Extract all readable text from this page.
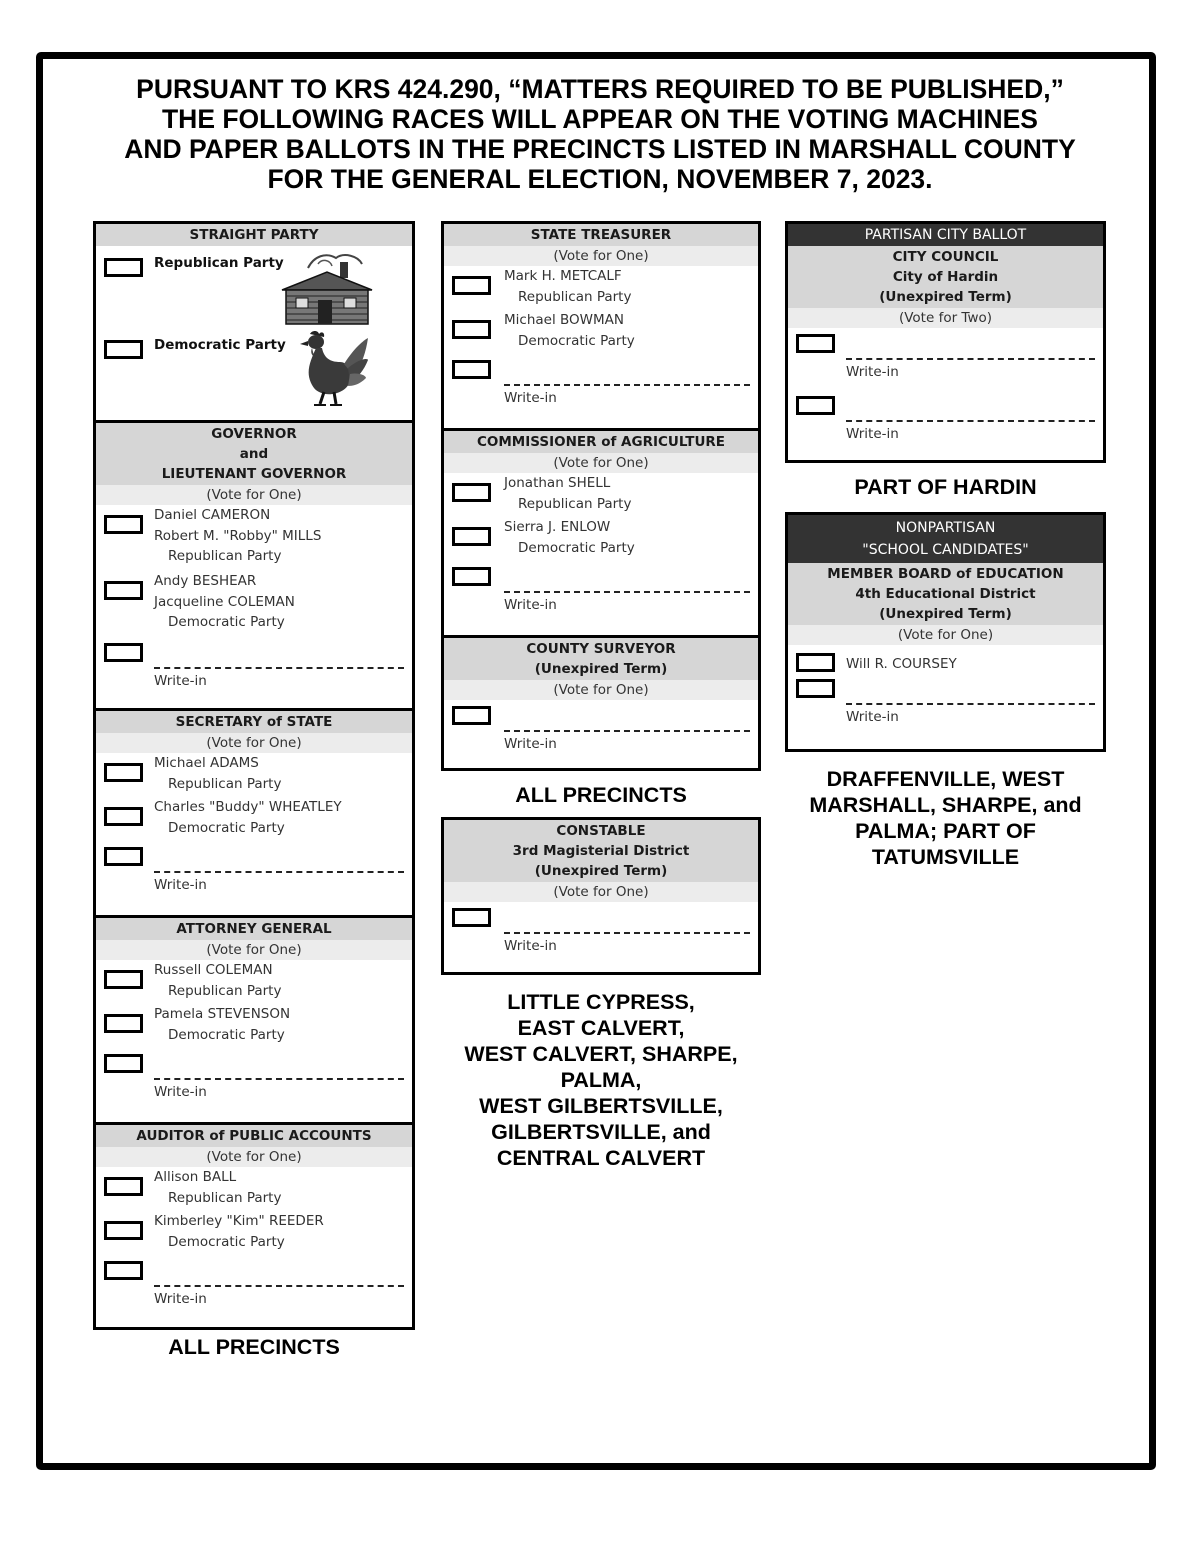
PURSUANT TO KRS 424.290, “MATTERS REQUIRED TO BE PUBLISHED,”
THE FOLLOWING RACES WILL APPEAR ON THE VOTING MACHINES
AND PAPER BALLOTS IN THE PRECINCTS LISTED IN MARSHALL COUNTY
FOR THE GENERAL ELECTION, NOVEMBER 7, 2023.
STRAIGHT PARTY
Republican Party
Democratic Party
GOVERNOR
and
LIEUTENANT GOVERNOR
(Vote for One)
Daniel CAMERON
Robert M. "Robby" MILLS
Republican Party
Andy BESHEAR
Jacqueline COLEMAN
Democratic Party
Write-in
SECRETARY of STATE
(Vote for One)
Michael ADAMS
Republican Party
Charles "Buddy" WHEATLEY
Democratic Party
Write-in
ATTORNEY GENERAL
(Vote for One)
Russell COLEMAN
Republican Party
Pamela STEVENSON
Democratic Party
Write-in
AUDITOR of PUBLIC ACCOUNTS
(Vote for One)
Allison BALL
Republican Party
Kimberley "Kim" REEDER
Democratic Party
Write-in
ALL PRECINCTS
STATE TREASURER
(Vote for One)
Mark H. METCALF
Republican Party
Michael BOWMAN
Democratic Party
Write-in
COMMISSIONER of AGRICULTURE
(Vote for One)
Jonathan SHELL
Republican Party
Sierra J. ENLOW
Democratic Party
Write-in
COUNTY SURVEYOR
(Unexpired Term)
(Vote for One)
Write-in
ALL PRECINCTS
CONSTABLE
3rd Magisterial District
(Unexpired Term)
(Vote for One)
Write-in
LITTLE CYPRESS,
EAST CALVERT,
WEST CALVERT, SHARPE,
PALMA,
WEST GILBERTSVILLE,
GILBERTSVILLE, and
CENTRAL CALVERT
PARTISAN CITY BALLOT
CITY COUNCIL
City of Hardin
(Unexpired Term)
(Vote for Two)
Write-in
Write-in
PART OF HARDIN
NONPARTISAN
"SCHOOL CANDIDATES"
MEMBER BOARD of EDUCATION
4th Educational District
(Unexpired Term)
(Vote for One)
Will R. COURSEY
Write-in
DRAFFENVILLE, WEST
MARSHALL, SHARPE, and
PALMA; PART OF
TATUMSVILLE
